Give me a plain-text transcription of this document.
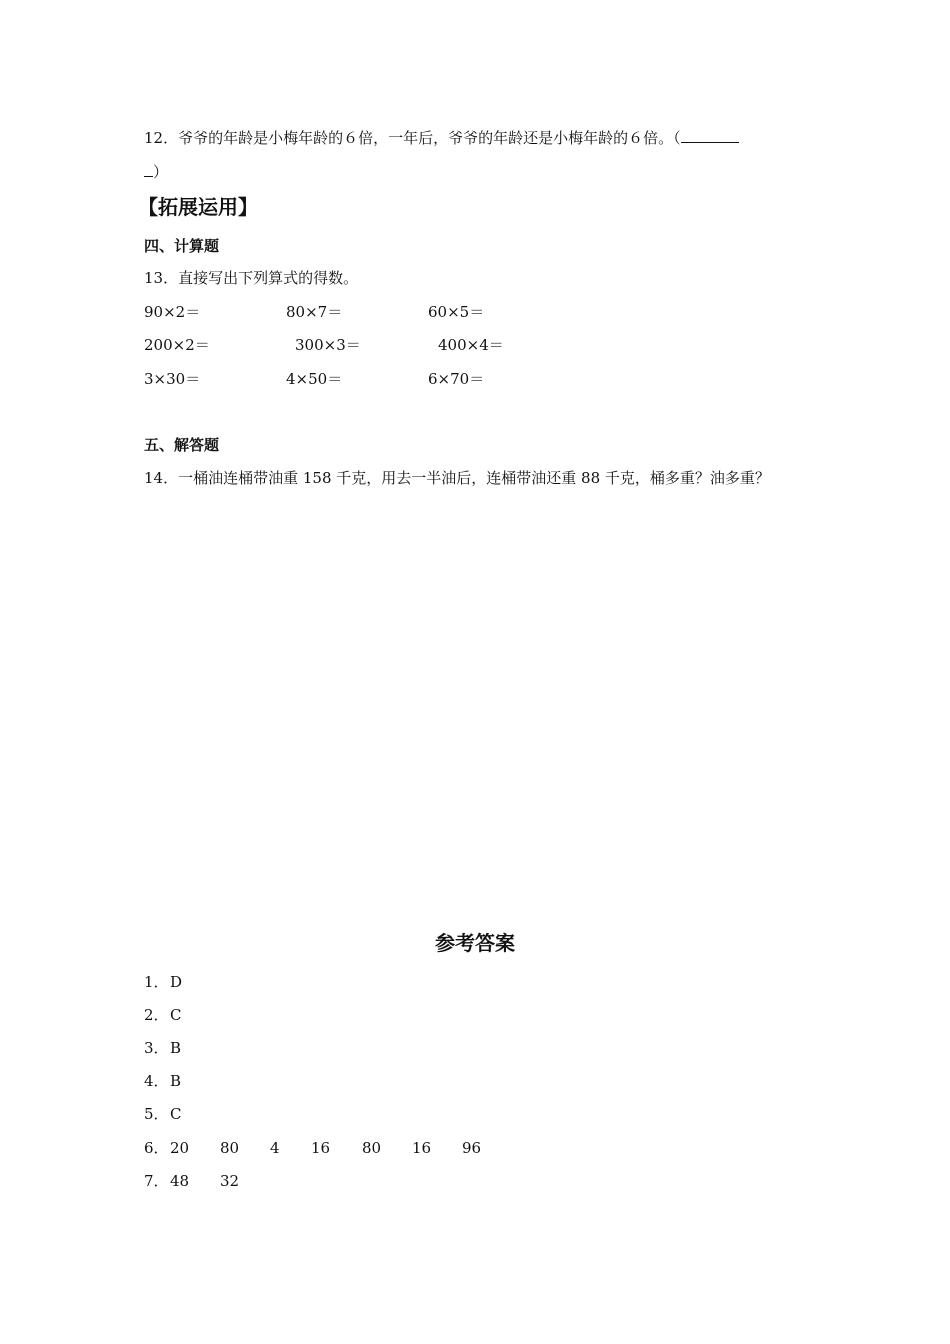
12．爷爷的年龄是小梅年龄的６倍，一年后，爷爷的年龄还是小梅年龄的６倍。（
）
【拓展运用】
四、计算题
13．直接写出下列算式的得数。
90×2＝	80×7＝	60×5＝
200×2＝	300×3＝	400×4＝
3×30＝	4×50＝	6×70＝
五、解答题
14．一桶油连桶带油重 158 千克，用去一半油后，连桶带油还重 88 千克，桶多重？油多重？
参考答案
1． D
2． C
3． B
4． B
5． C
6． 20 80 4 16 80 16 96
7． 48 32
